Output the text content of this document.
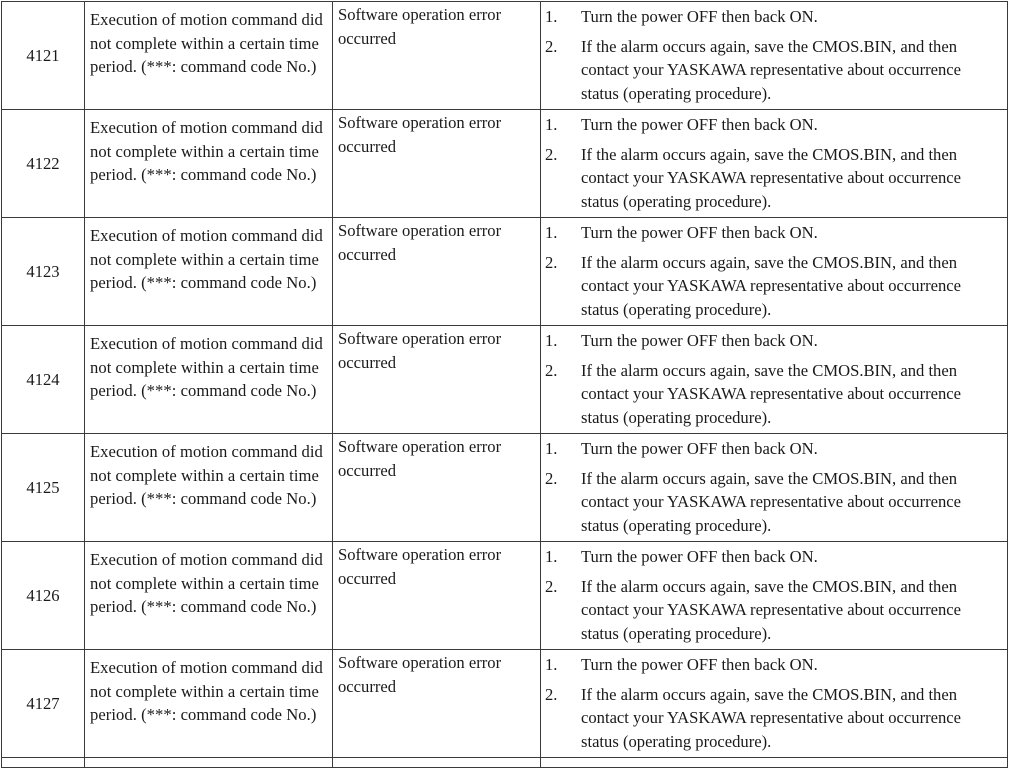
4121	Execution of motion command did not complete within a certain time period. (***: command code No.)	Software operation error occurred	1. Turn the power OFF then back ON.
2. If the alarm occurs again, save the CMOS.BIN, and then contact your YASKAWA representative about occurrence status (operating procedure).

4122	Execution of motion command did not complete within a certain time period. (***: command code No.)	Software operation error occurred	1. Turn the power OFF then back ON.
2. If the alarm occurs again, save the CMOS.BIN, and then contact your YASKAWA representative about occurrence status (operating procedure).

4123	Execution of motion command did not complete within a certain time period. (***: command code No.)	Software operation error occurred	1. Turn the power OFF then back ON.
2. If the alarm occurs again, save the CMOS.BIN, and then contact your YASKAWA representative about occurrence status (operating procedure).

4124	Execution of motion command did not complete within a certain time period. (***: command code No.)	Software operation error occurred	1. Turn the power OFF then back ON.
2. If the alarm occurs again, save the CMOS.BIN, and then contact your YASKAWA representative about occurrence status (operating procedure).

4125	Execution of motion command did not complete within a certain time period. (***: command code No.)	Software operation error occurred	1. Turn the power OFF then back ON.
2. If the alarm occurs again, save the CMOS.BIN, and then contact your YASKAWA representative about occurrence status (operating procedure).

4126	Execution of motion command did not complete within a certain time period. (***: command code No.)	Software operation error occurred	1. Turn the power OFF then back ON.
2. If the alarm occurs again, save the CMOS.BIN, and then contact your YASKAWA representative about occurrence status (operating procedure).

4127	Execution of motion command did not complete within a certain time period. (***: command code No.)	Software operation error occurred	1. Turn the power OFF then back ON.
2. If the alarm occurs again, save the CMOS.BIN, and then contact your YASKAWA representative about occurrence status (operating procedure).
